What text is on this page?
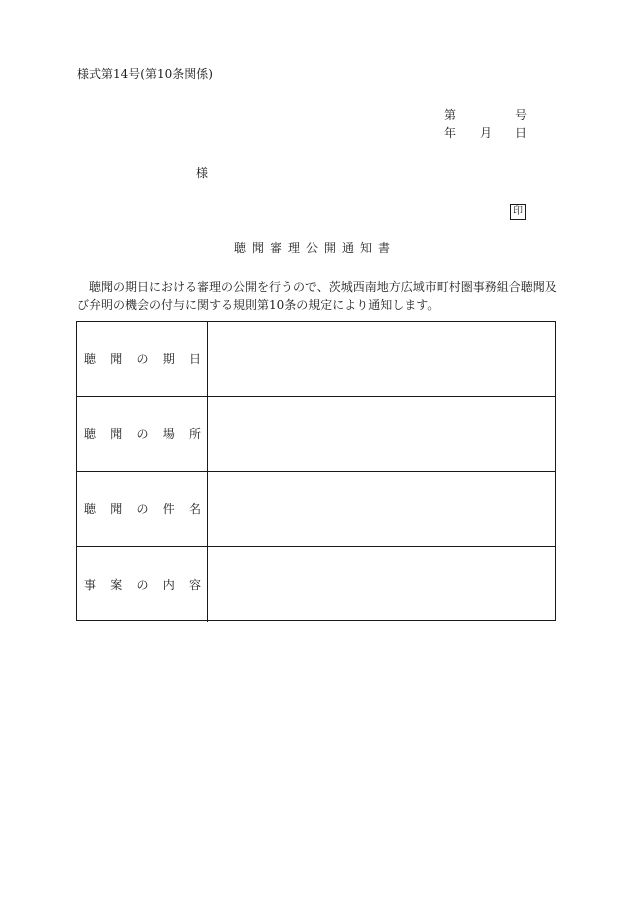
様式第14号(第10条関係)
第	号
年 月 日
様
印
聴聞審理公開通知書
　聴聞の期日における審理の公開を行うので、茨城西南地方広域市町村圏事務組合聴聞及び弁明の機会の付与に関する規則第10条の規定により通知します。
聴聞の期日
聴聞の場所
聴聞の件名
事案の内容
